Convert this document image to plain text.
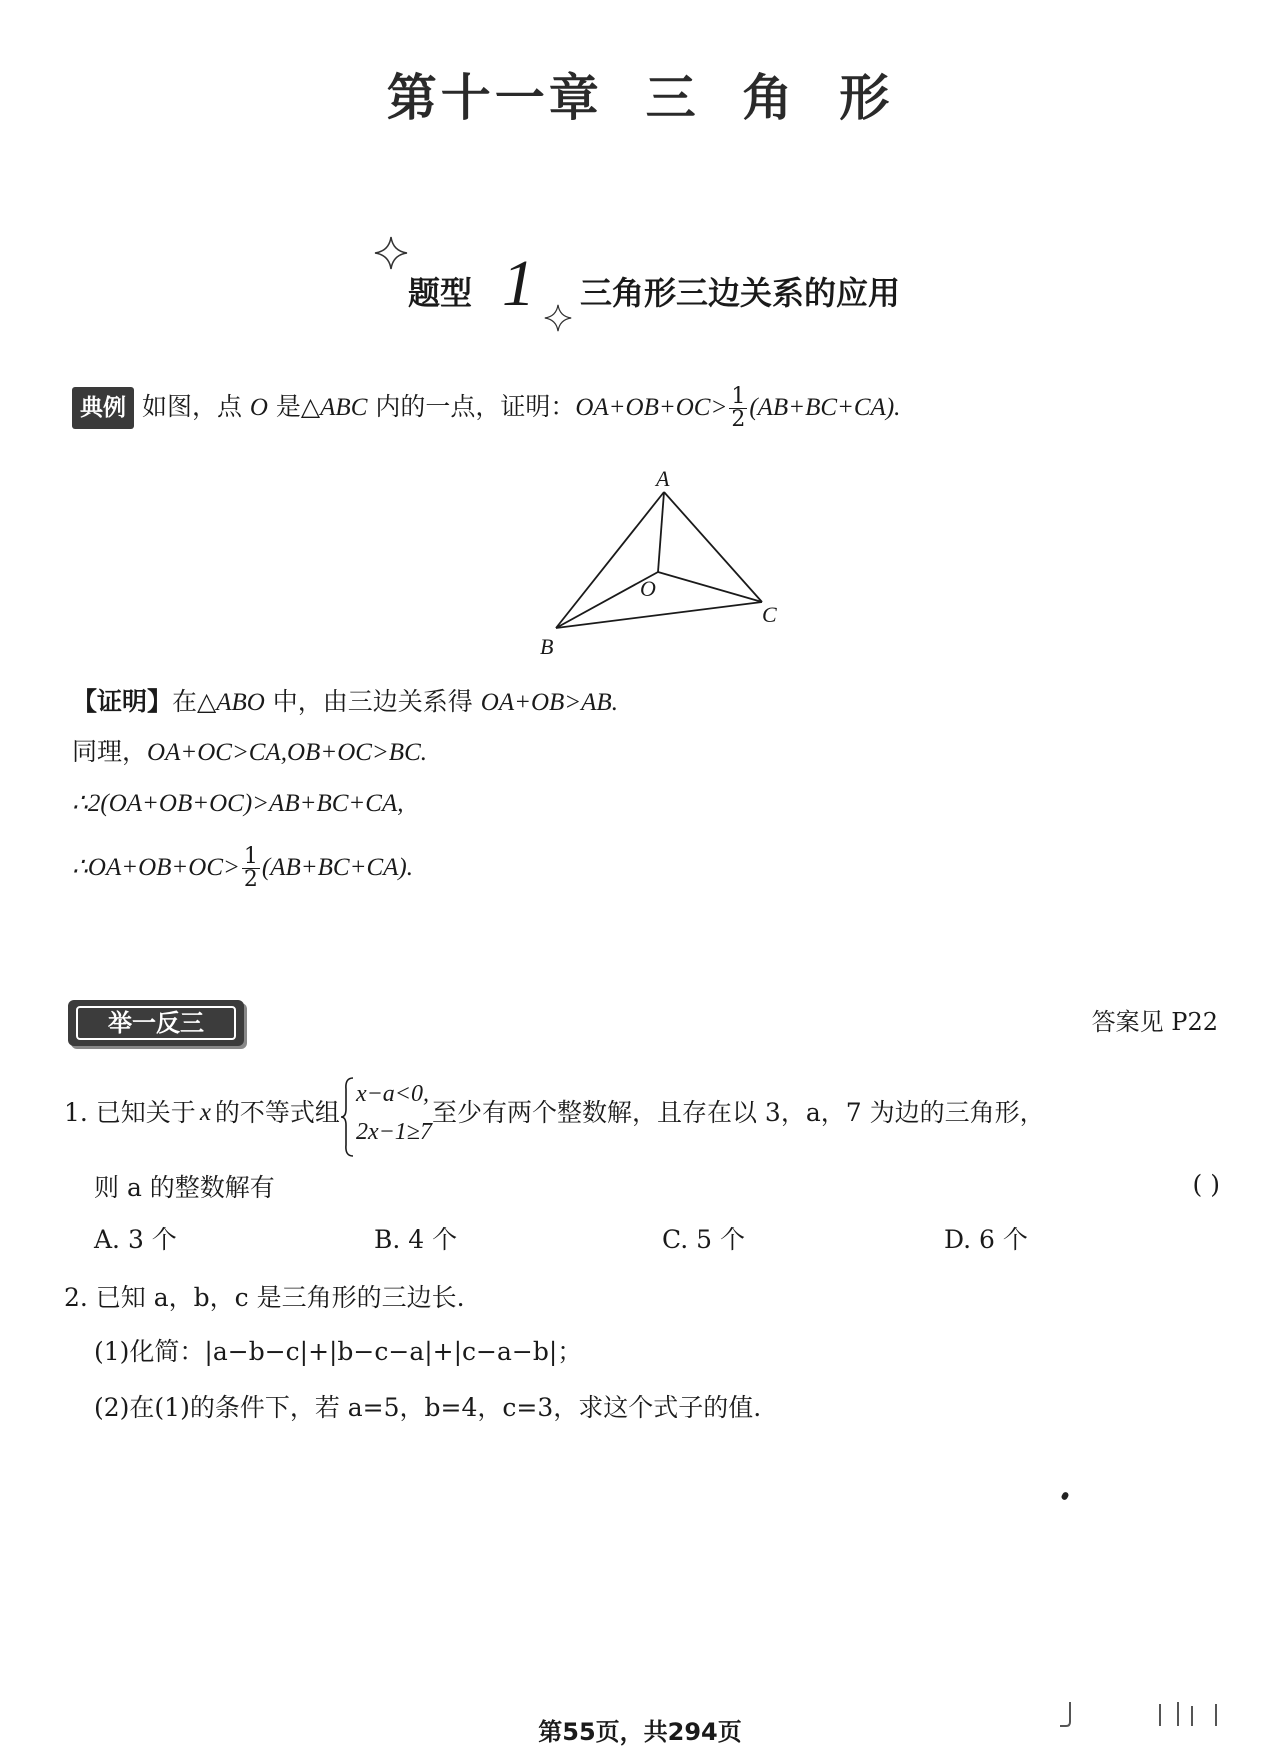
第十一章  三  角  形
题型 1 三角形三边关系的应用
典例 如图，点 O 是△ABC 内的一点，证明：$OA+OB+OC> \frac{1}{2} (AB+BC+CA)$.
A
B
C
O
【证明】在△ABO 中，由三边关系得 OA+OB>AB.
同理，OA+OC>CA,OB+OC>BC.
∴2(OA+OB+OC)>AB+BC+CA,
∴OA+OB+OC> $\frac{1}{2} (AB+BC+CA)$.
举一反三	答案见 P22
1. 已知关于 x 的不等式组
x−a<0,
2x−1≥7
至少有两个整数解，且存在以 3，a，7 为边的三角形，
则 a 的整数解有	( )
A. 3 个	B. 4 个	C. 5 个	D. 6 个
2. 已知 a，b，c 是三角形的三边长.
(1)化简：|a−b−c|+|b−c−a|+|c−a−b|；
(2)在(1)的条件下，若 a=5，b=4，c=3，求这个式子的值.
第55页，共294页
